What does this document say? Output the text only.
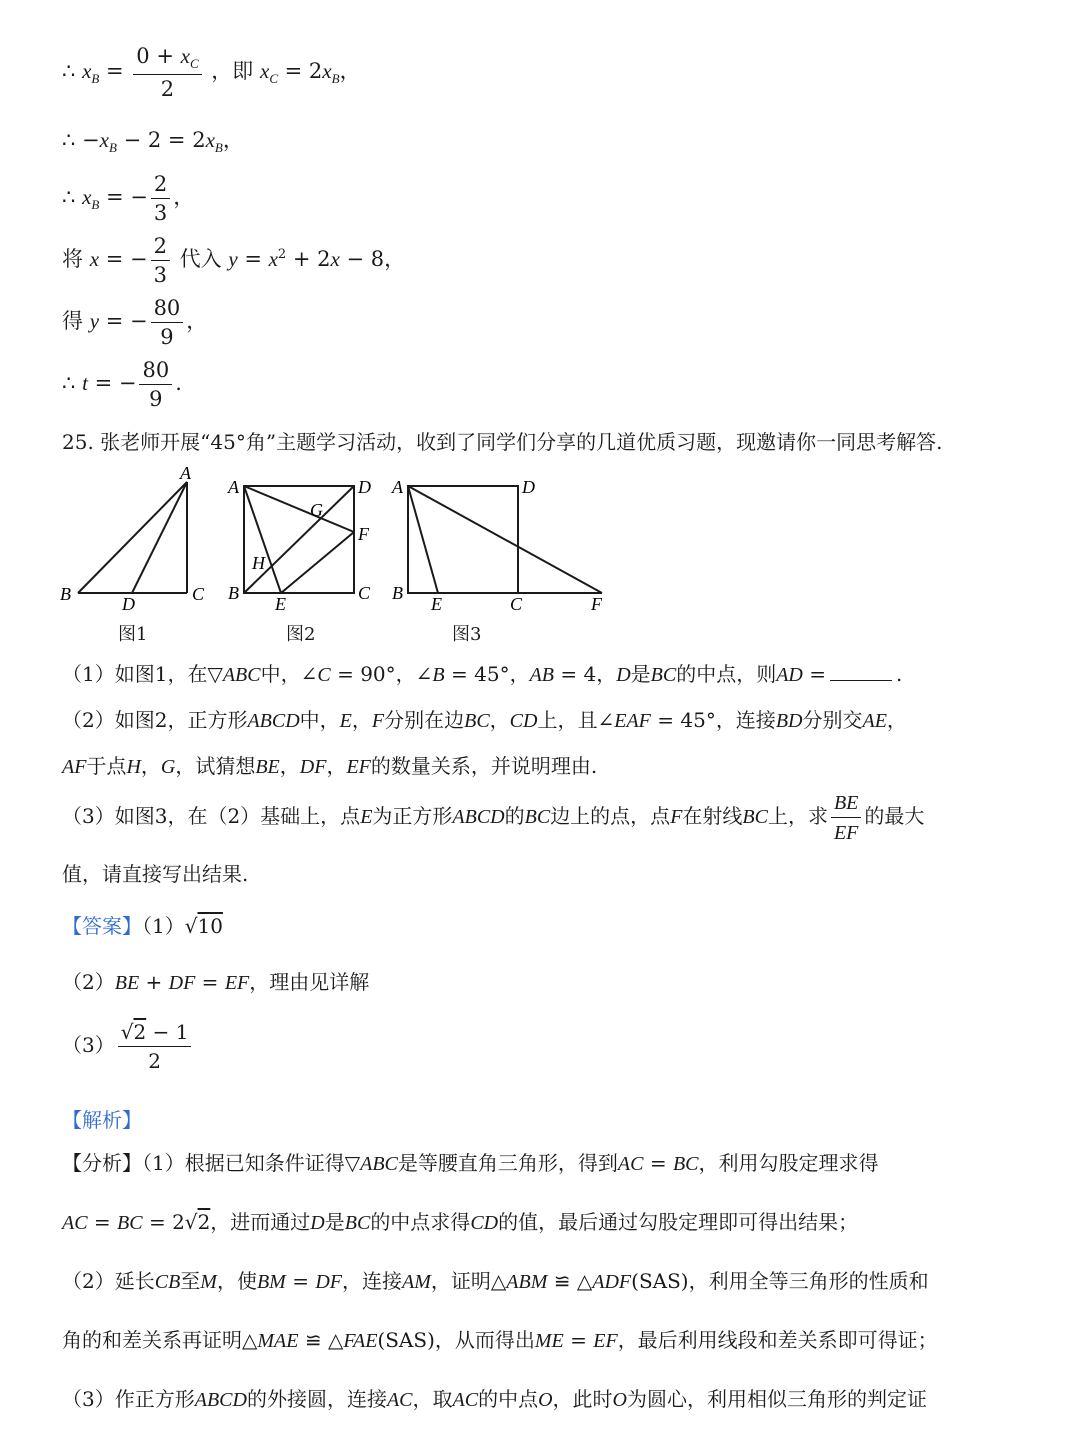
∴ $x_B = \frac{0 + x_C}{2}$ ，即 $x_C = 2x_B$，
∴ $-x_B - 2 = 2x_B$，
∴ $x_B$ = − $\frac{2}{3}$ ，
将 x = − $\frac{2}{3}$ 代入 $y = x^2 + 2x - 8$，
得 y = − $\frac{80}{9}$ ，
∴ t = − $\frac{80}{9}$ .
25. 张老师开展“45°角”主题学习活动，收到了同学们分享的几道优质习题，现邀请你一同思考解答.
A
B	C
D
A	D
B	C
F
E
G
H
A	D
B
E	C	F
图1	图2	图3
（1）如图1，在▽ABC中，∠C = 90°，∠B = 45°，AB = 4，D是BC的中点，则AD =	.
（2）如图2，正方形ABCD中，E，F分别在边BC，CD上，且∠EAF = 45°，连接BD分别交AE，
AF于点H，G，试猜想BE，DF，EF的数量关系，并说明理由.
（3）如图3，在（2）基础上，点E为正方形ABCD的BC边上的点，点F在射线BC上，求 $\frac{BE}{EF}$ 的最大
值，请直接写出结果.
【答案】（1）√10
（2）BE + DF = EF，理由见详解
$(3) \frac{√2 - 1}{2}$
【解析】
【分析】（1）根据已知条件证得▽ABC是等腰直角三角形，得到AC = BC，利用勾股定理求得
AC = BC = 2√2，进而通过D是BC的中点求得CD的值，最后通过勾股定理即可得出结果；
（2）延长CB至M，使BM = DF，连接AM，证明△ABM ≌ △ADF(SAS)，利用全等三角形的性质和
角的和差关系再证明△MAE ≌ △FAE(SAS)，从而得出ME = EF，最后利用线段和差关系即可得证；
（3）作正方形ABCD的外接圆，连接AC，取AC的中点O，此时O为圆心，利用相似三角形的判定证
